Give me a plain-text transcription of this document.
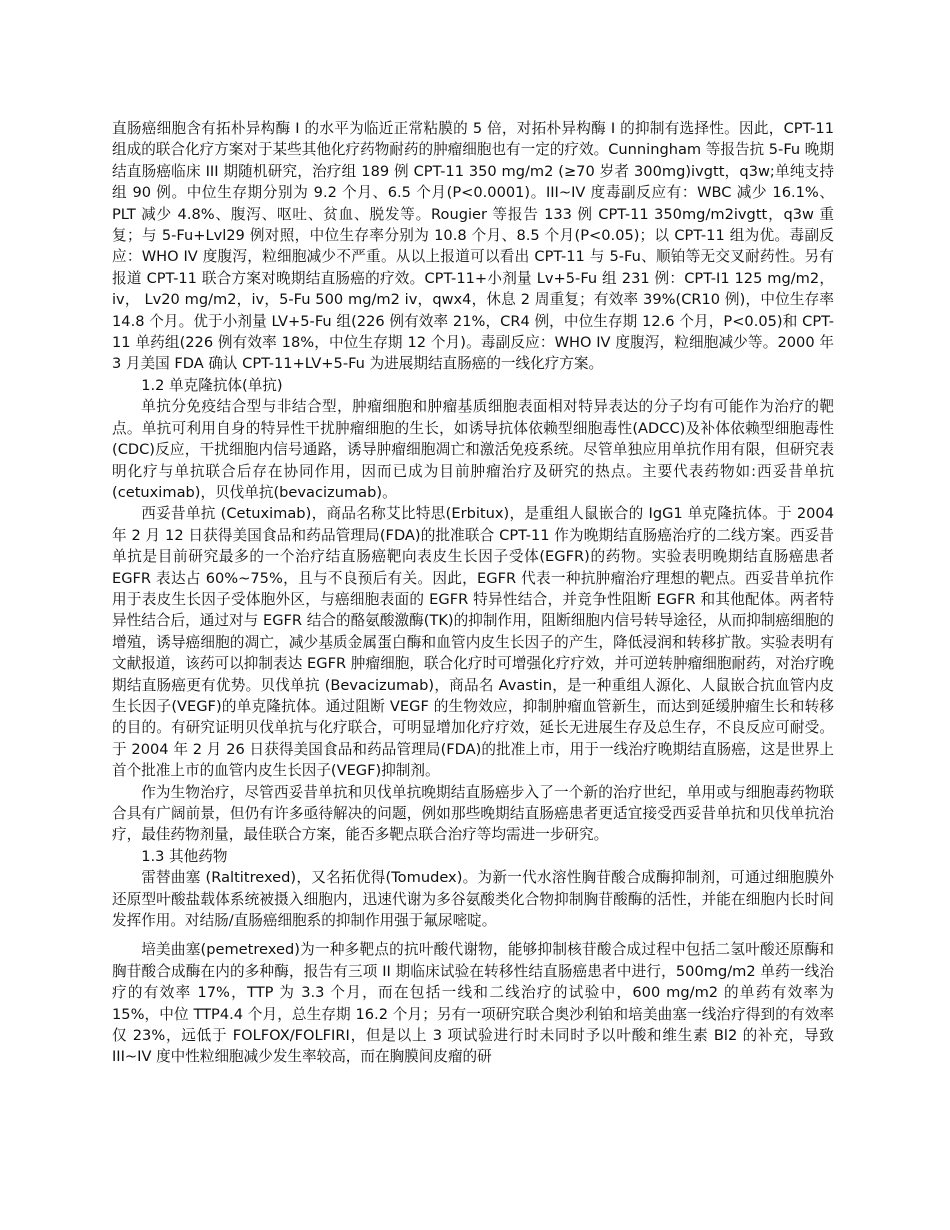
直肠癌细胞含有拓朴异构酶 I 的水平为临近正常粘膜的 5 倍，对拓朴异构酶 I 的抑制有选择性。因此，CPT-11 组成的联合化疗方案对于某些其他化疗药物耐药的肿瘤细胞也有一定的疗效。Cunningham 等报告抗 5-Fu 晚期结直肠癌临床 III 期随机研究，治疗组 189 例 CPT-11 350 mg/m2 (≥70 岁者 300mg)ivgtt，q3w;单纯支持组 90 例。中位生存期分别为 9.2 个月、6.5 个月(P<0.0001)。III~IV 度毒副反应有：WBC 减少 16.1%、PLT 减少 4.8%、腹泻、呕吐、贫血、脱发等。Rougier 等报告 133 例 CPT-11 350mg/m2ivgtt，q3w 重复；与 5-Fu+Lvl29 例对照，中位生存率分别为 10.8 个月、8.5 个月(P<0.05)；以 CPT-11 组为优。毒副反应：WHO IV 度腹泻，粒细胞减少不严重。从以上报道可以看出 CPT-11 与 5-Fu、顺铂等无交叉耐药性。另有报道 CPT-11 联合方案对晚期结直肠癌的疗效。CPT-11+小剂量 Lv+5-Fu 组 231 例：CPT-I1 125 mg/m2，iv， Lv20 mg/m2，iv，5-Fu 500 mg/m2 iv，qwx4，休息 2 周重复；有效率 39%(CR10 例)，中位生存率 14.8 个月。优于小剂量 LV+5-Fu 组(226 例有效率 21%，CR4 例，中位生存期 12.6 个月，P<0.05)和 CPT-11 单药组(226 例有效率 18%，中位生存期 12 个月)。毒副反应：WHO IV 度腹泻，粒细胞减少等。2000 年 3 月美国 FDA 确认 CPT-11+LV+5-Fu 为进展期结直肠癌的一线化疗方案。

1.2 单克隆抗体(单抗)

单抗分免疫结合型与非结合型，肿瘤细胞和肿瘤基质细胞表面相对特异表达的分子均有可能作为治疗的靶点。单抗可利用自身的特异性干扰肿瘤细胞的生长，如诱导抗体依赖型细胞毒性(ADCC)及补体依赖型细胞毒性(CDC)反应，干扰细胞内信号通路，诱导肿瘤细胞凋亡和激活免疫系统。尽管单独应用单抗作用有限，但研究表明化疗与单抗联合后存在协同作用，因而已成为目前肿瘤治疗及研究的热点。主要代表药物如:西妥昔单抗(cetuximab)，贝伐单抗(bevacizumab)。

西妥昔单抗 (Cetuximab)，商品名称艾比特思(Erbitux)，是重组人鼠嵌合的 IgG1 单克隆抗体。于 2004 年 2 月 12 日获得美国食品和药品管理局(FDA)的批准联合 CPT-11 作为晚期结直肠癌治疗的二线方案。西妥昔单抗是目前研究最多的一个治疗结直肠癌靶向表皮生长因子受体(EGFR)的药物。实验表明晚期结直肠癌患者 EGFR 表达占 60%~75%，且与不良预后有关。因此，EGFR 代表一种抗肿瘤治疗理想的靶点。西妥昔单抗作用于表皮生长因子受体胞外区，与癌细胞表面的 EGFR 特异性结合，并竞争性阻断 EGFR 和其他配体。两者特异性结合后，通过对与 EGFR 结合的酪氨酸激酶(TK)的抑制作用，阻断细胞内信号转导途径，从而抑制癌细胞的增殖，诱导癌细胞的凋亡，减少基质金属蛋白酶和血管内皮生长因子的产生，降低浸润和转移扩散。实验表明有文献报道，该药可以抑制表达 EGFR 肿瘤细胞，联合化疗时可增强化疗疗效，并可逆转肿瘤细胞耐药，对治疗晚期结直肠癌更有优势。贝伐单抗 (Bevacizumab)，商品名 Avastin，是一种重组人源化、人鼠嵌合抗血管内皮生长因子(VEGF)的单克隆抗体。通过阻断 VEGF 的生物效应，抑制肿瘤血管新生，而达到延缓肿瘤生长和转移的目的。有研究证明贝伐单抗与化疗联合，可明显增加化疗疗效，延长无进展生存及总生存，不良反应可耐受。于 2004 年 2 月 26 日获得美国食品和药品管理局(FDA)的批准上市，用于一线治疗晚期结直肠癌，这是世界上首个批准上市的血管内皮生长因子(VEGF)抑制剂。

作为生物治疗，尽管西妥昔单抗和贝伐单抗晚期结直肠癌步入了一个新的治疗世纪，单用或与细胞毒药物联合具有广阔前景，但仍有许多亟待解决的问题，例如那些晚期结直肠癌患者更适宜接受西妥昔单抗和贝伐单抗治疗，最佳药物剂量，最佳联合方案，能否多靶点联合治疗等均需进一步研究。

1.3 其他药物

雷替曲塞 (Raltitrexed)，又名拓优得(Tomudex)。为新一代水溶性胸苷酸合成酶抑制剂，可通过细胞膜外还原型叶酸盐载体系统被摄入细胞内，迅速代谢为多谷氨酸类化合物抑制胸苷酸酶的活性，并能在细胞内长时间发挥作用。对结肠/直肠癌细胞系的抑制作用强于氟尿嘧啶。

培美曲塞(pemetrexed)为一种多靶点的抗叶酸代谢物，能够抑制核苷酸合成过程中包括二氢叶酸还原酶和胸苷酸合成酶在内的多种酶，报告有三项 II 期临床试验在转移性结直肠癌患者中进行，500mg/m2 单药一线治疗的有效率 17%，TTP 为 3.3 个月，而在包括一线和二线治疗的试验中，600 mg/m2 的单药有效率为 15%，中位 TTP4.4 个月，总生存期 16.2 个月；另有一项研究联合奥沙利铂和培美曲塞一线治疗得到的有效率仅 23%，远低于 FOLFOX/FOLFIRI，但是以上 3 项试验进行时未同时予以叶酸和维生素 Bl2 的补充，导致 III~IV 度中性粒细胞减少发生率较高，而在胸膜间皮瘤的研
